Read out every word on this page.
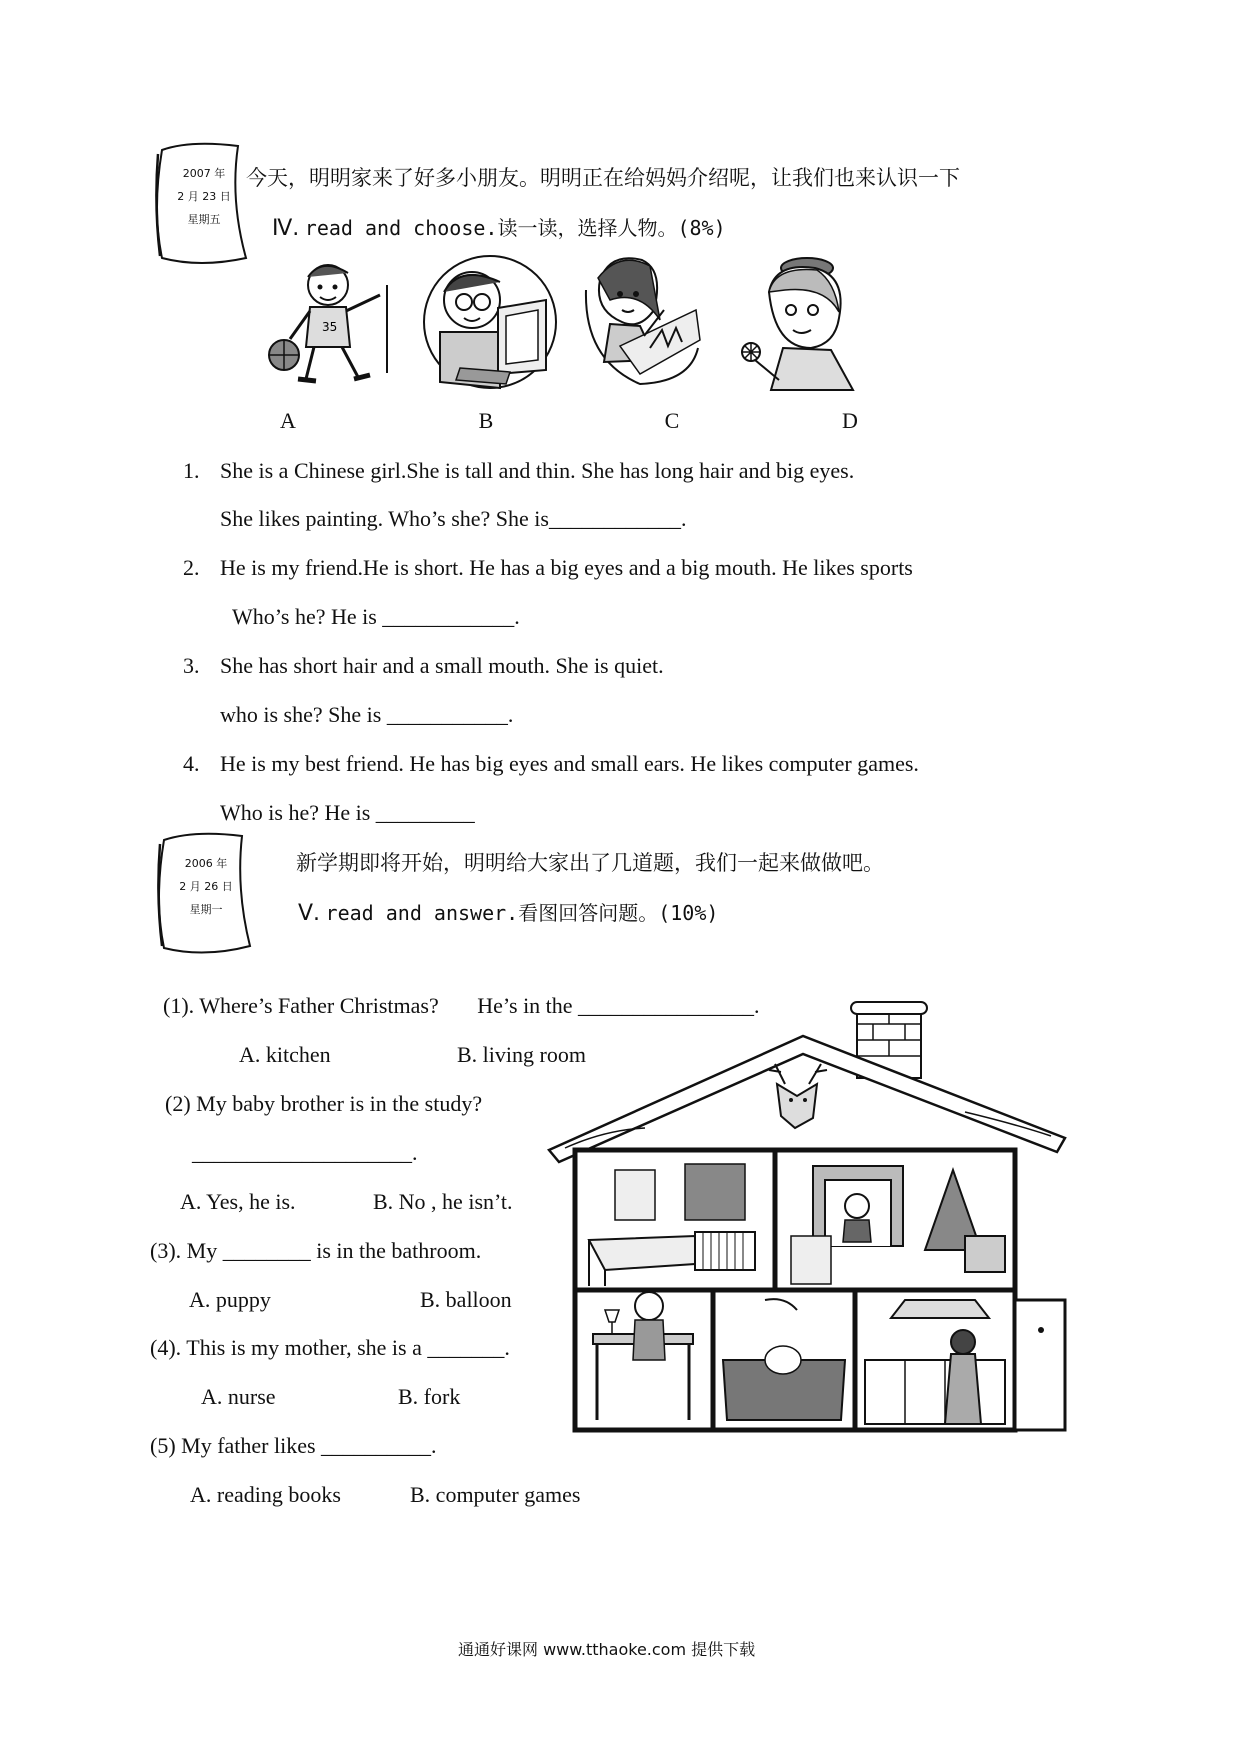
2007 年
2 月 23 日
星期五
今天，明明家来了好多小朋友。明明正在给妈妈介绍呢，让我们也来认识一下
Ⅳ. read and choose.读一读，选择人物。(8%)
35
A	B	C	D
1. She is a Chinese girl.She is tall and thin. She has long hair and big eyes.
She likes painting. Who’s she? She is____________.
2. He is my friend.He is short. He has a big eyes and a big mouth. He likes sports
Who’s he? He is ____________.
3. She has short hair and a small mouth. She is quiet.
who is she? She is ___________.
4. He is my best friend. He has big eyes and small ears. He likes computer games.
Who is he? He is _________
2006 年
2 月 26 日
星期一
新学期即将开始，明明给大家出了几道题，我们一起来做做吧。
Ⅴ. read and answer.看图回答问题。(10%)
(1). Where’s Father Christmas?       He’s in the ________________.
A. kitchen	B. living room
(2) My baby brother is in the study?
____________________.
A. Yes, he is.	B. No , he isn’t.
(3). My ________ is in the bathroom.
A. puppy	B. balloon
(4). This is my mother, she is a _______.
A. nurse	B. fork
(5) My father likes __________.
A. reading books	B. computer games
通通好课网 www.tthaoke.com 提供下载
